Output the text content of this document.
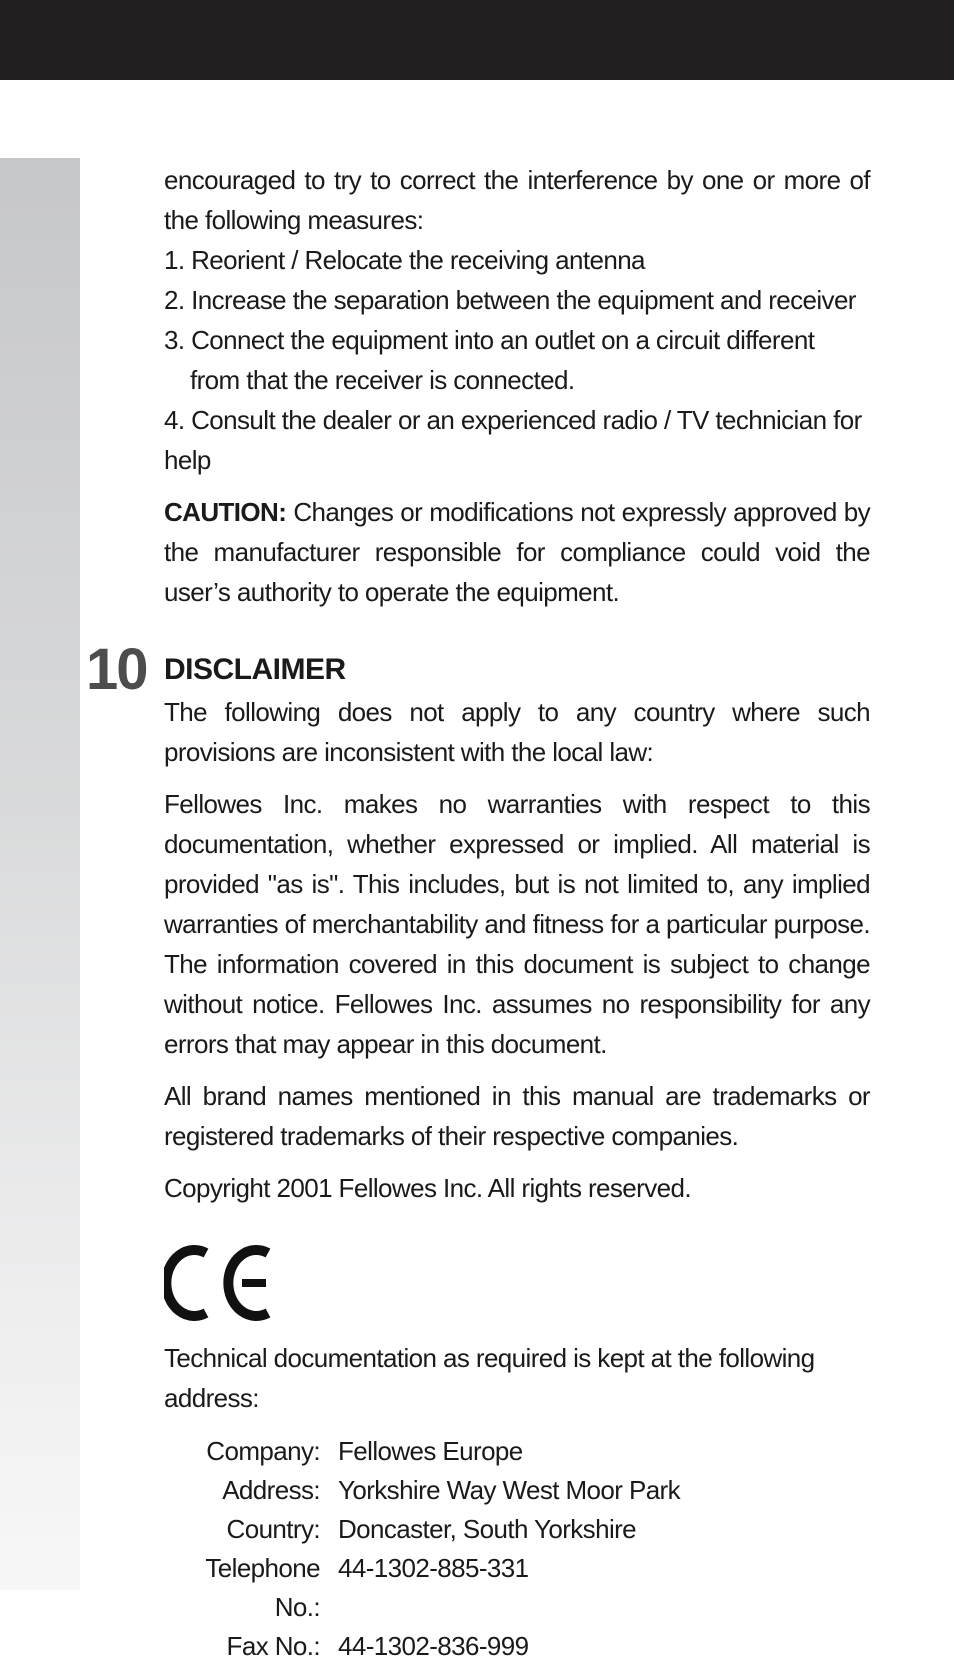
encouraged to try to correct the interference by one or more of the following measures:

1. Reorient / Relocate the receiving antenna

2. Increase the separation between the equipment and receiver

3. Connect the equipment into an outlet on a circuit different from that the receiver is connected.

4. Consult the dealer or an experienced radio / TV technician for help

CAUTION: Changes or modifications not expressly approved by the manufacturer responsible for compliance could void the user’s authority to operate the equipment.

10 DISCLAIMER

The following does not apply to any country where such provisions are inconsistent with the local law:

Fellowes Inc. makes no warranties with respect to this documentation, whether expressed or implied. All material is provided "as is". This includes, but is not limited to, any implied warranties of merchantability and fitness for a particular purpose. The information covered in this document is subject to change without notice. Fellowes Inc. assumes no responsibility for any errors that may appear in this document.

All brand names mentioned in this manual are trademarks or registered trademarks of their respective companies.

Copyright 2001 Fellowes Inc. All rights reserved.

Technical documentation as required is kept at the following address:

Company: Fellowes Europe
Address: Yorkshire Way West Moor Park
Country: Doncaster, South Yorkshire
Telephone No.:
44-1302-885-331
Fax No.: 44-1302-836-999
